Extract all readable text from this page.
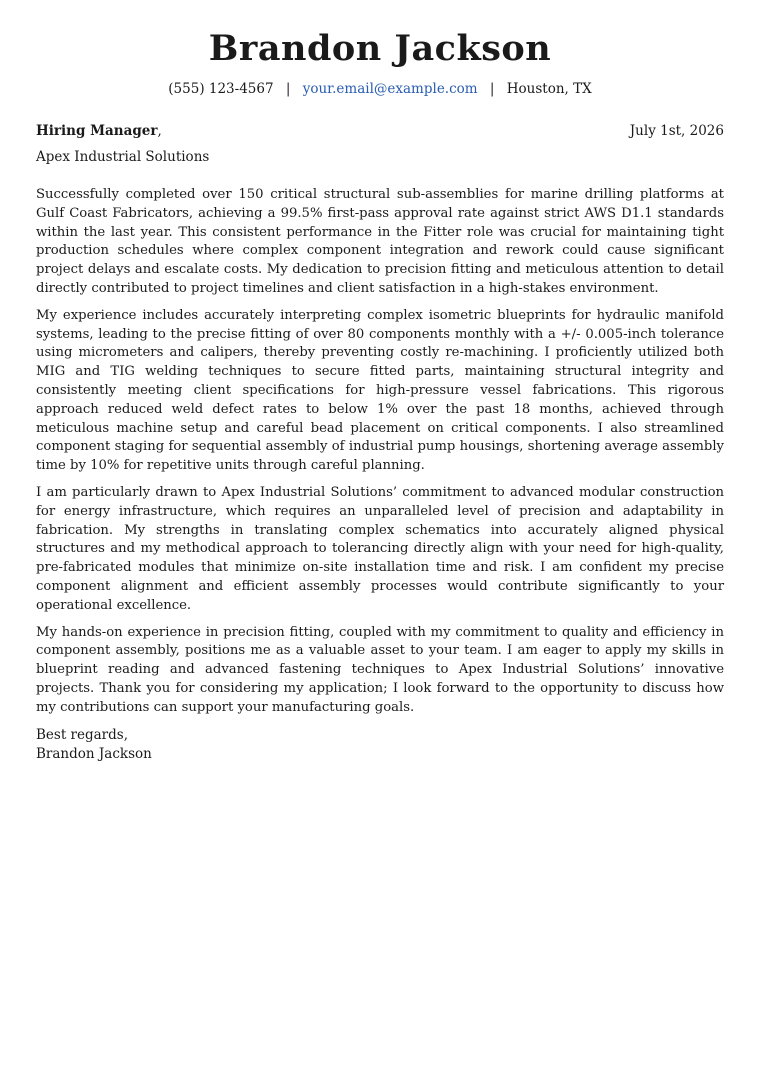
Brandon Jackson
(555) 123-4567 | your.email@example.com | Houston, TX
Hiring Manager,	July 1st, 2026
Apex Industrial Solutions

Successfully completed over 150 critical structural sub-assemblies for marine drilling platforms at Gulf Coast Fabricators, achieving a 99.5% first-pass approval rate against strict AWS D1.1 standards within the last year. This consistent performance in the Fitter role was crucial for maintaining tight production schedules where complex component integration and rework could cause significant project delays and escalate costs. My dedication to precision fitting and meticulous attention to detail directly contributed to project timelines and client satisfaction in a high-stakes environment.

My experience includes accurately interpreting complex isometric blueprints for hydraulic manifold systems, leading to the precise fitting of over 80 components monthly with a +/- 0.005-inch tolerance using micrometers and calipers, thereby preventing costly re-machining. I proficiently utilized both MIG and TIG welding techniques to secure fitted parts, maintaining structural integrity and consistently meeting client specifications for high-pressure vessel fabrications. This rigorous approach reduced weld defect rates to below 1% over the past 18 months, achieved through meticulous machine setup and careful bead placement on critical components. I also streamlined component staging for sequential assembly of industrial pump housings, shortening average assembly time by 10% for repetitive units through careful planning.

I am particularly drawn to Apex Industrial Solutions’ commitment to advanced modular construction for energy infrastructure, which requires an unparalleled level of precision and adaptability in fabrication. My strengths in translating complex schematics into accurately aligned physical structures and my methodical approach to tolerancing directly align with your need for high-quality, pre-fabricated modules that minimize on-site installation time and risk. I am confident my precise component alignment and efficient assembly processes would contribute significantly to your operational excellence.

My hands-on experience in precision fitting, coupled with my commitment to quality and efficiency in component assembly, positions me as a valuable asset to your team. I am eager to apply my skills in blueprint reading and advanced fastening techniques to Apex Industrial Solutions’ innovative projects. Thank you for considering my application; I look forward to the opportunity to discuss how my contributions can support your manufacturing goals.

Best regards,
Brandon Jackson
